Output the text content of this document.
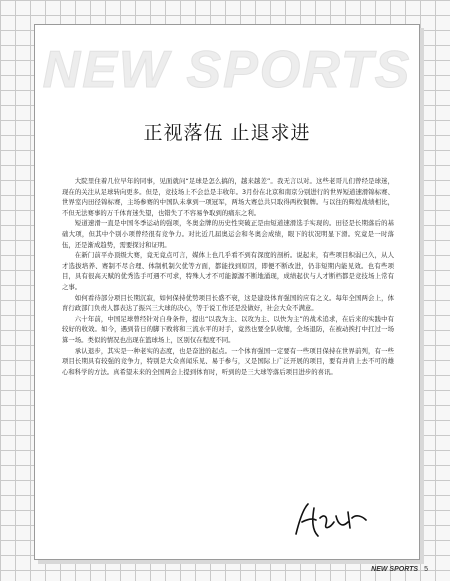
NEW SPORTS
正视落伍 止退求进

大院里住着几位早年的同事，见面就问“足球是怎么搞的，越来越差”。我无言以对。这些老哥儿们曾经是球迷，现在的关注从足球转向更多。但是，竞技场上不会总是丰收年。3月份在北京和南京分别进行的世界短道速滑锦标赛、世界室内田径锦标赛，主场参赛的中国队未拿到一项冠军，两场大赛总共只取得两枚铜牌。与以往的辉煌战绩相比，不但无法赛事的万千体育迷失望，也错失了不容易争取到的痛东之利。

短道速滑一直是中国冬季运动的强项，冬奥金牌的历史性突破正是由短道速滑选手实现的。田径是长期落后的基础大项，但其中个别小项曾经很有竞争力。对比近几届奥运会和冬奥会成绩，眼下的状况明显下滑。究竟是一时落伍，还是渐成趋势，需要探讨和证明。

在新门前平办顶级大赛，竟无竟点可言，媒体上也几乎看不到有深度的剖析。说起来，有些项目积弱已久，从人才选拔培养、赛制不尽合理、体制机制欠优等方面，都能找到原因，即便不断改进，仍非短期内能见效。也有些项目，具有很高天赋的优秀选手可遇不可求，特殊人才不可能源源不断地涌现，成绩起伏与人才断档都是竞技场上常有之事。

如何看待部分项目长期沉寂，如何保持优势项目长盛不衰，这是建设体育强国的应有之义。每年全国两会上，体育行政部门负责人都表达了振兴三大球的决心，等于说工作还是没做好，社会大众不满意。

六十年前，中国足球曾经针对自身条件，提出“以我为主、以攻为主、以快为主”的战术追求，在后来的实践中有较好的收效。如今，遇到昔日的脚下败将和三流水平的对手，竟然也要全队收缩，全场退防，在被动挨打中扛过一场算一场。类似的情况也出现在篮球场上，区别仅在程度不同。

承认退步，其实是一种老实的态度，也是奋进的起点。一个体育强国一定要有一些项目保持在世界前列，有一些项目长期具有较强的竞争力，特别是大众喜闻乐见、易于参与，又是国际上广泛开展的项目，要有并肩上去不可的雄心和科学的方法。真希望未来的全国两会上提到体育时，听到的是三大球等落后项目进步的喜讯。

NEW SPORTS 5
